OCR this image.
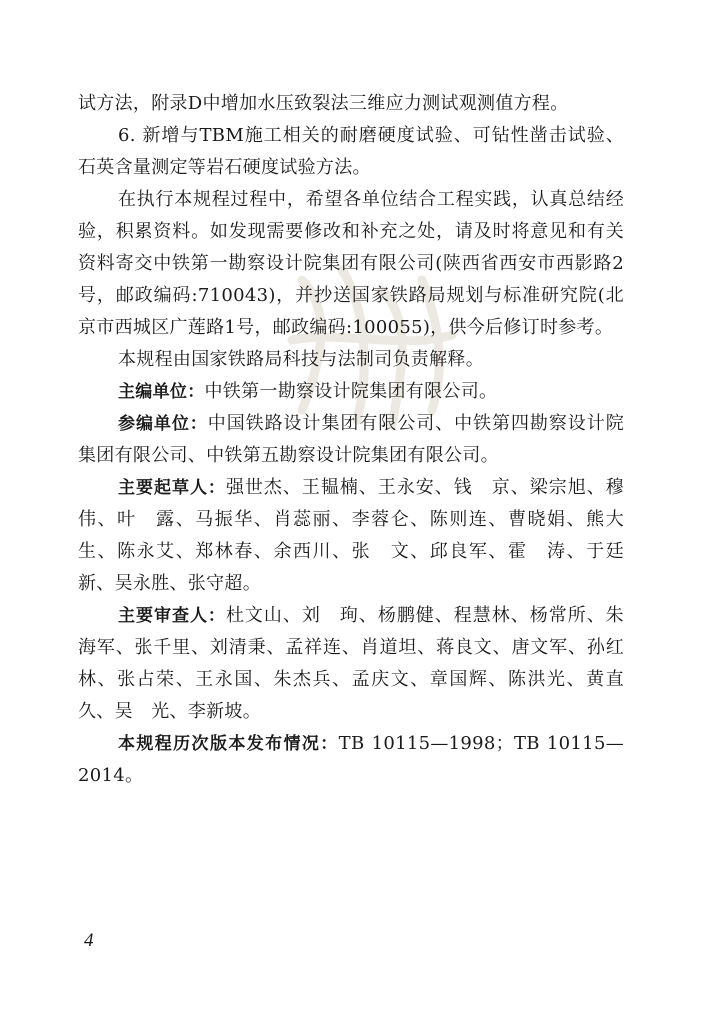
试方法，附录D中增加水压致裂法三维应力测试观测值方程。

6. 新增与TBM施工相关的耐磨硬度试验、可钻性凿击试验、石英含量测定等岩石硬度试验方法。

在执行本规程过程中，希望各单位结合工程实践，认真总结经验，积累资料。如发现需要修改和补充之处，请及时将意见和有关资料寄交中铁第一勘察设计院集团有限公司(陕西省西安市西影路2号，邮政编码:710043)，并抄送国家铁路局规划与标准研究院(北京市西城区广莲路1号，邮政编码:100055)，供今后修订时参考。

本规程由国家铁路局科技与法制司负责解释。

主编单位：中铁第一勘察设计院集团有限公司。

参编单位：中国铁路设计集团有限公司、中铁第四勘察设计院集团有限公司、中铁第五勘察设计院集团有限公司。

主要起草人：强世杰、王韫楠、王永安、钱　京、梁宗旭、穆　伟、叶　露、马振华、肖蕊丽、李蓉仑、陈则连、曹晓娟、熊大生、陈永艾、郑林春、余西川、张　文、邱良军、霍　涛、于廷新、吴永胜、张守超。

主要审查人：杜文山、刘　珣、杨鹏健、程慧林、杨常所、朱海军、张千里、刘清秉、孟祥连、肖道坦、蒋良文、唐文军、孙红林、张占荣、王永国、朱杰兵、孟庆文、章国辉、陈洪光、黄直久、吴　光、李新坡。

本规程历次版本发布情况：TB 10115—1998；TB 10115—2014。

4
